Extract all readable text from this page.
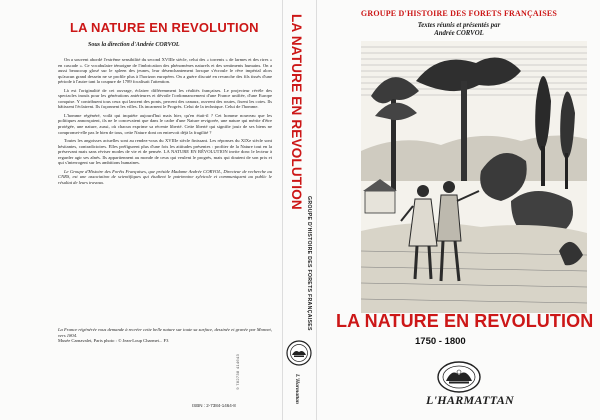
LA NATURE EN REVOLUTION
Sous la direction d'Andrée CORVOL

On a souvent abordé l'extrême sensibilité du second XVIIIe siècle, celui des « torrents » de larmes et des rires « en cascade ». Ce vocabulaire témoigne de l'imbrication des phénomènes naturels et des sentiments humains. On a aussi beaucoup glosé sur le spleen des jeunes, leur désenchantement lorsque s'écroule le rêve impérial alors qu'aucun grand dessein ne se profile plus à l'horizon européen. On a guère discuté en revanche des fils tissés d'une période à l'autre tant la coupure de 1789 focalisait l'attention.

Là est l'originalité de cet ouvrage, éclairer différemment les réalités françaises. Le projecteur révèle des spectacles inouïs pour les générations antérieures et dévoile l'ordonnancement d'une France unifiée, d'une Europe conquise. Y contribuent tous ceux qui lancent des ponts, percent des canaux, ouvrent des routes, fixent les cotes. Ils bâtissent l'éclairent. Ils façonnent les villes. Ils incarnent le Progrès. Celui de la technique. Celui de l'homme.

L'homme régénéré, voilà qui inquiète aujourd'hui mais hier, qu'en était-il ? Cet homme nouveau que les politiques annonçaient, ils ne le concevaient que dans le cadre d'une Nature revigorée, une nature qui mérite d'être protégée, une nature, aussi, où chacun exprime sa récente liberté. Cette liberté qui signifie jouir de ses biens ne compromet-elle pas le bien de tous, cette Nature dont on entrevoit déjà la fragilité ?

Toutes les angoisses actuelles sont au rendez-vous du XVIIIe siècle finissant. Les réponses du XIXe siècle sont hésitantes, contradictoires. Elles préfigurent plus d'une fois les attitudes présentes : profiter de la Nature tout en la préservant mais sans réviser modes de vie et de pensée. LA NATURE EN RÉVOLUTION invite donc le lecteur à regarder agir ses aînés. Ils appartiennent au monde de ceux qui veulent le progrès, mais qui doutent de son prix et qui s'interrogent sur les ambitions humaines.

Le Groupe d'Histoire des Forêts Françaises, que préside Madame Andrée CORVOL, Directeur de recherche au CNRS, est une association de scientifiques qui étudient le patrimoine sylvicole et communiquent au public le résultat de leurs travaux.

La France régénérée vous demande à recréer cette belle nature sur toute sa surface, dessinée et gravée par Monnet, vers 1804.
Musée Carnavalet, Paris photo : © Jean-Loup Charmet... F3
ISBN : 2-7384-1464-8
9 782738 414643
LA NATURE EN REVOLUTION
GROUPE D'HISTOIRE DES FORETS FRANÇAISES
L'Harmattan
GROUPE D'HISTOIRE DES FORETS FRANÇAISES
Textes réunis et présentés par
Andrée CORVOL
LA NATURE EN REVOLUTION
1750 - 1800
L'HARMATTAN
